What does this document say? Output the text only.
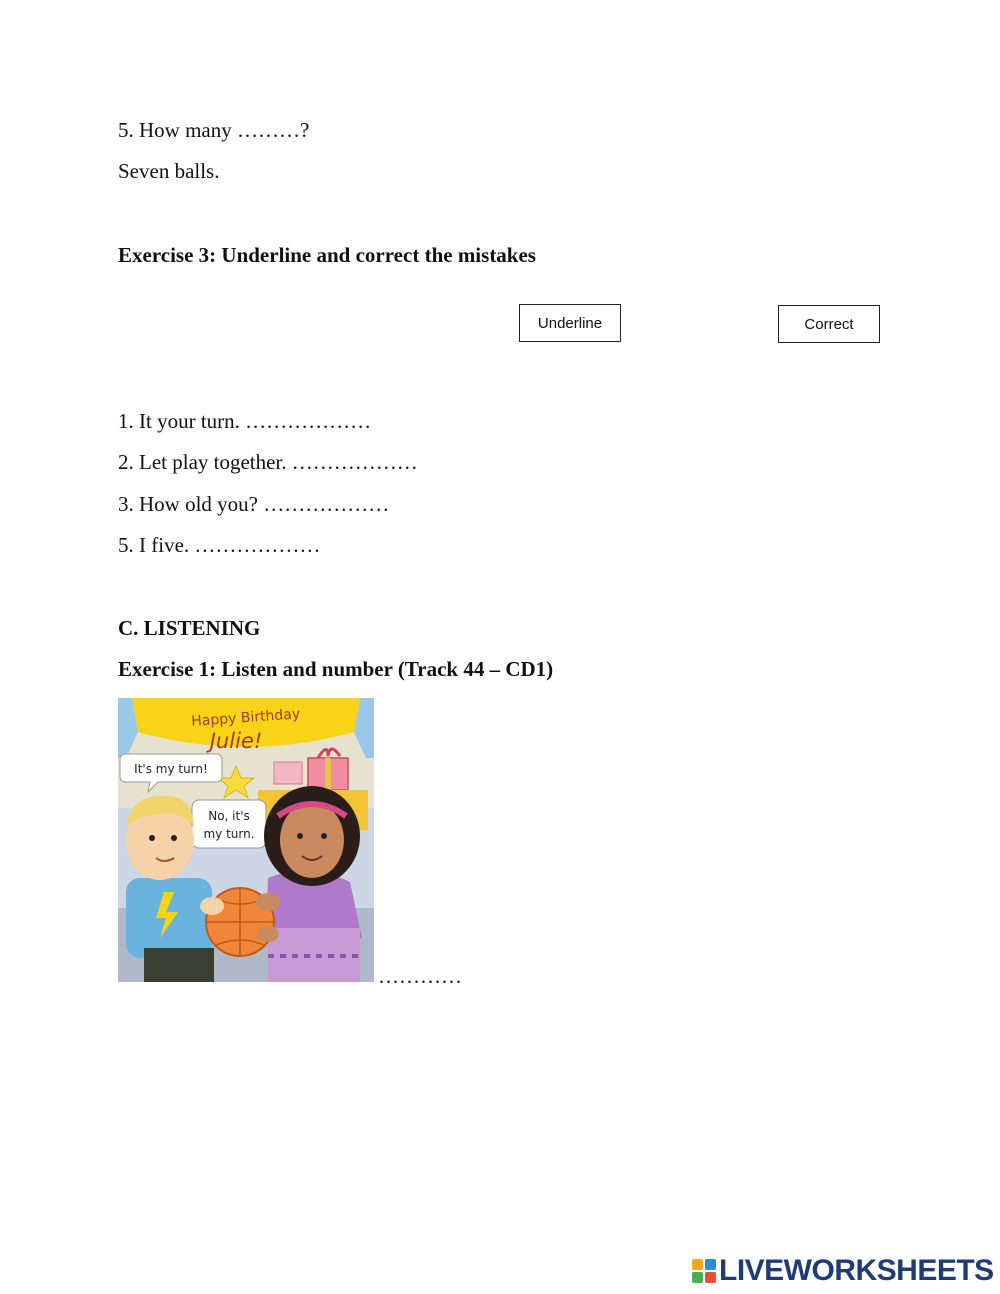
5. How many ………?
Seven balls.
Exercise 3: Underline and correct the mistakes
Underline	Correct
1. It your turn. ………………
2. Let play together. ………………
3. How old you? ………………
5. I five. ………………
C. LISTENING
Exercise 1: Listen and number (Track 44 – CD1)
Happy Birthday
Julie!
It's my turn!
No, it's
my turn.
…………
LIVEWORKSHEETS
